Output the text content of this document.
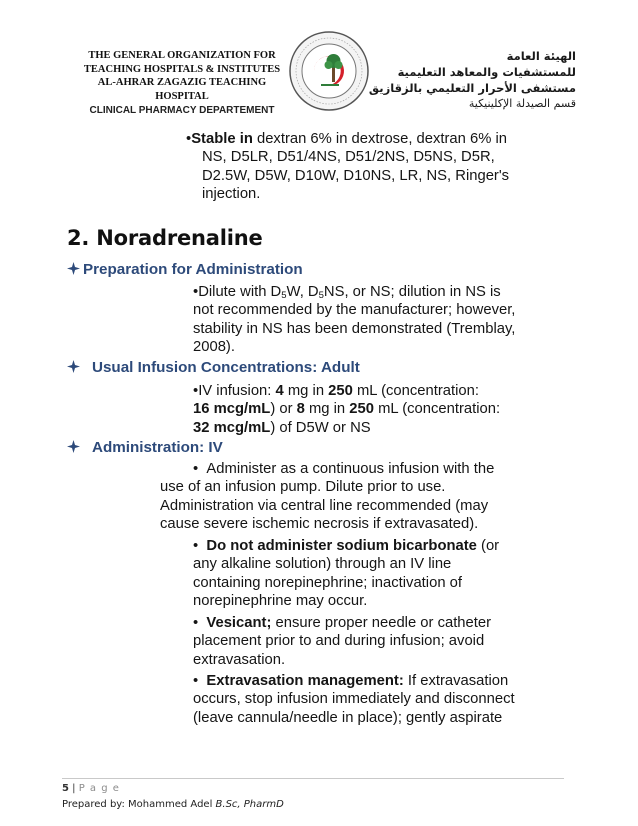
THE GENERAL ORGANIZATION FOR
TEACHING HOSPITALS & INSTITUTES
AL-AHRAR ZAGAZIG TEACHING HOSPITAL
CLINICAL PHARMACY DEPARTEMENT
الهيئة العامة
للمستشفيات والمعاهد التعليمية
مستشفى الأحرار التعليمي بالزقازيق
قسم الصيدلة الإكلينيكية
•Stable in dextran 6% in dextrose, dextran 6% in
NS, D5LR, D51/4NS, D51/2NS, D5NS, D5R,
D2.5W, D5W, D10W, D10NS, LR, NS, Ringer's
injection.
2. Noradrenaline
Preparation for Administration
•Dilute with $D_5W$, $D_5NS$, or NS; dilution in NS is
not recommended by the manufacturer; however,
stability in NS has been demonstrated (Tremblay,
2008).
Usual Infusion Concentrations: Adult
•IV infusion: 4 mg in 250 mL (concentration:
16 mcg/mL) or 8 mg in 250 mL (concentration:
32 mcg/mL) of D5W or NS
Administration: IV
• Administer as a continuous infusion with the
use of an infusion pump. Dilute prior to use.
Administration via central line recommended (may
cause severe ischemic necrosis if extravasated).
• Do not administer sodium bicarbonate (or
any alkaline solution) through an IV line
containing norepinephrine; inactivation of
norepinephrine may occur.
• Vesicant; ensure proper needle or catheter
placement prior to and during infusion; avoid
extravasation.
• Extravasation management: If extravasation
occurs, stop infusion immediately and disconnect
(leave cannula/needle in place); gently aspirate
5 | P a g e
Prepared by: Mohammed Adel B.Sc, PharmD
